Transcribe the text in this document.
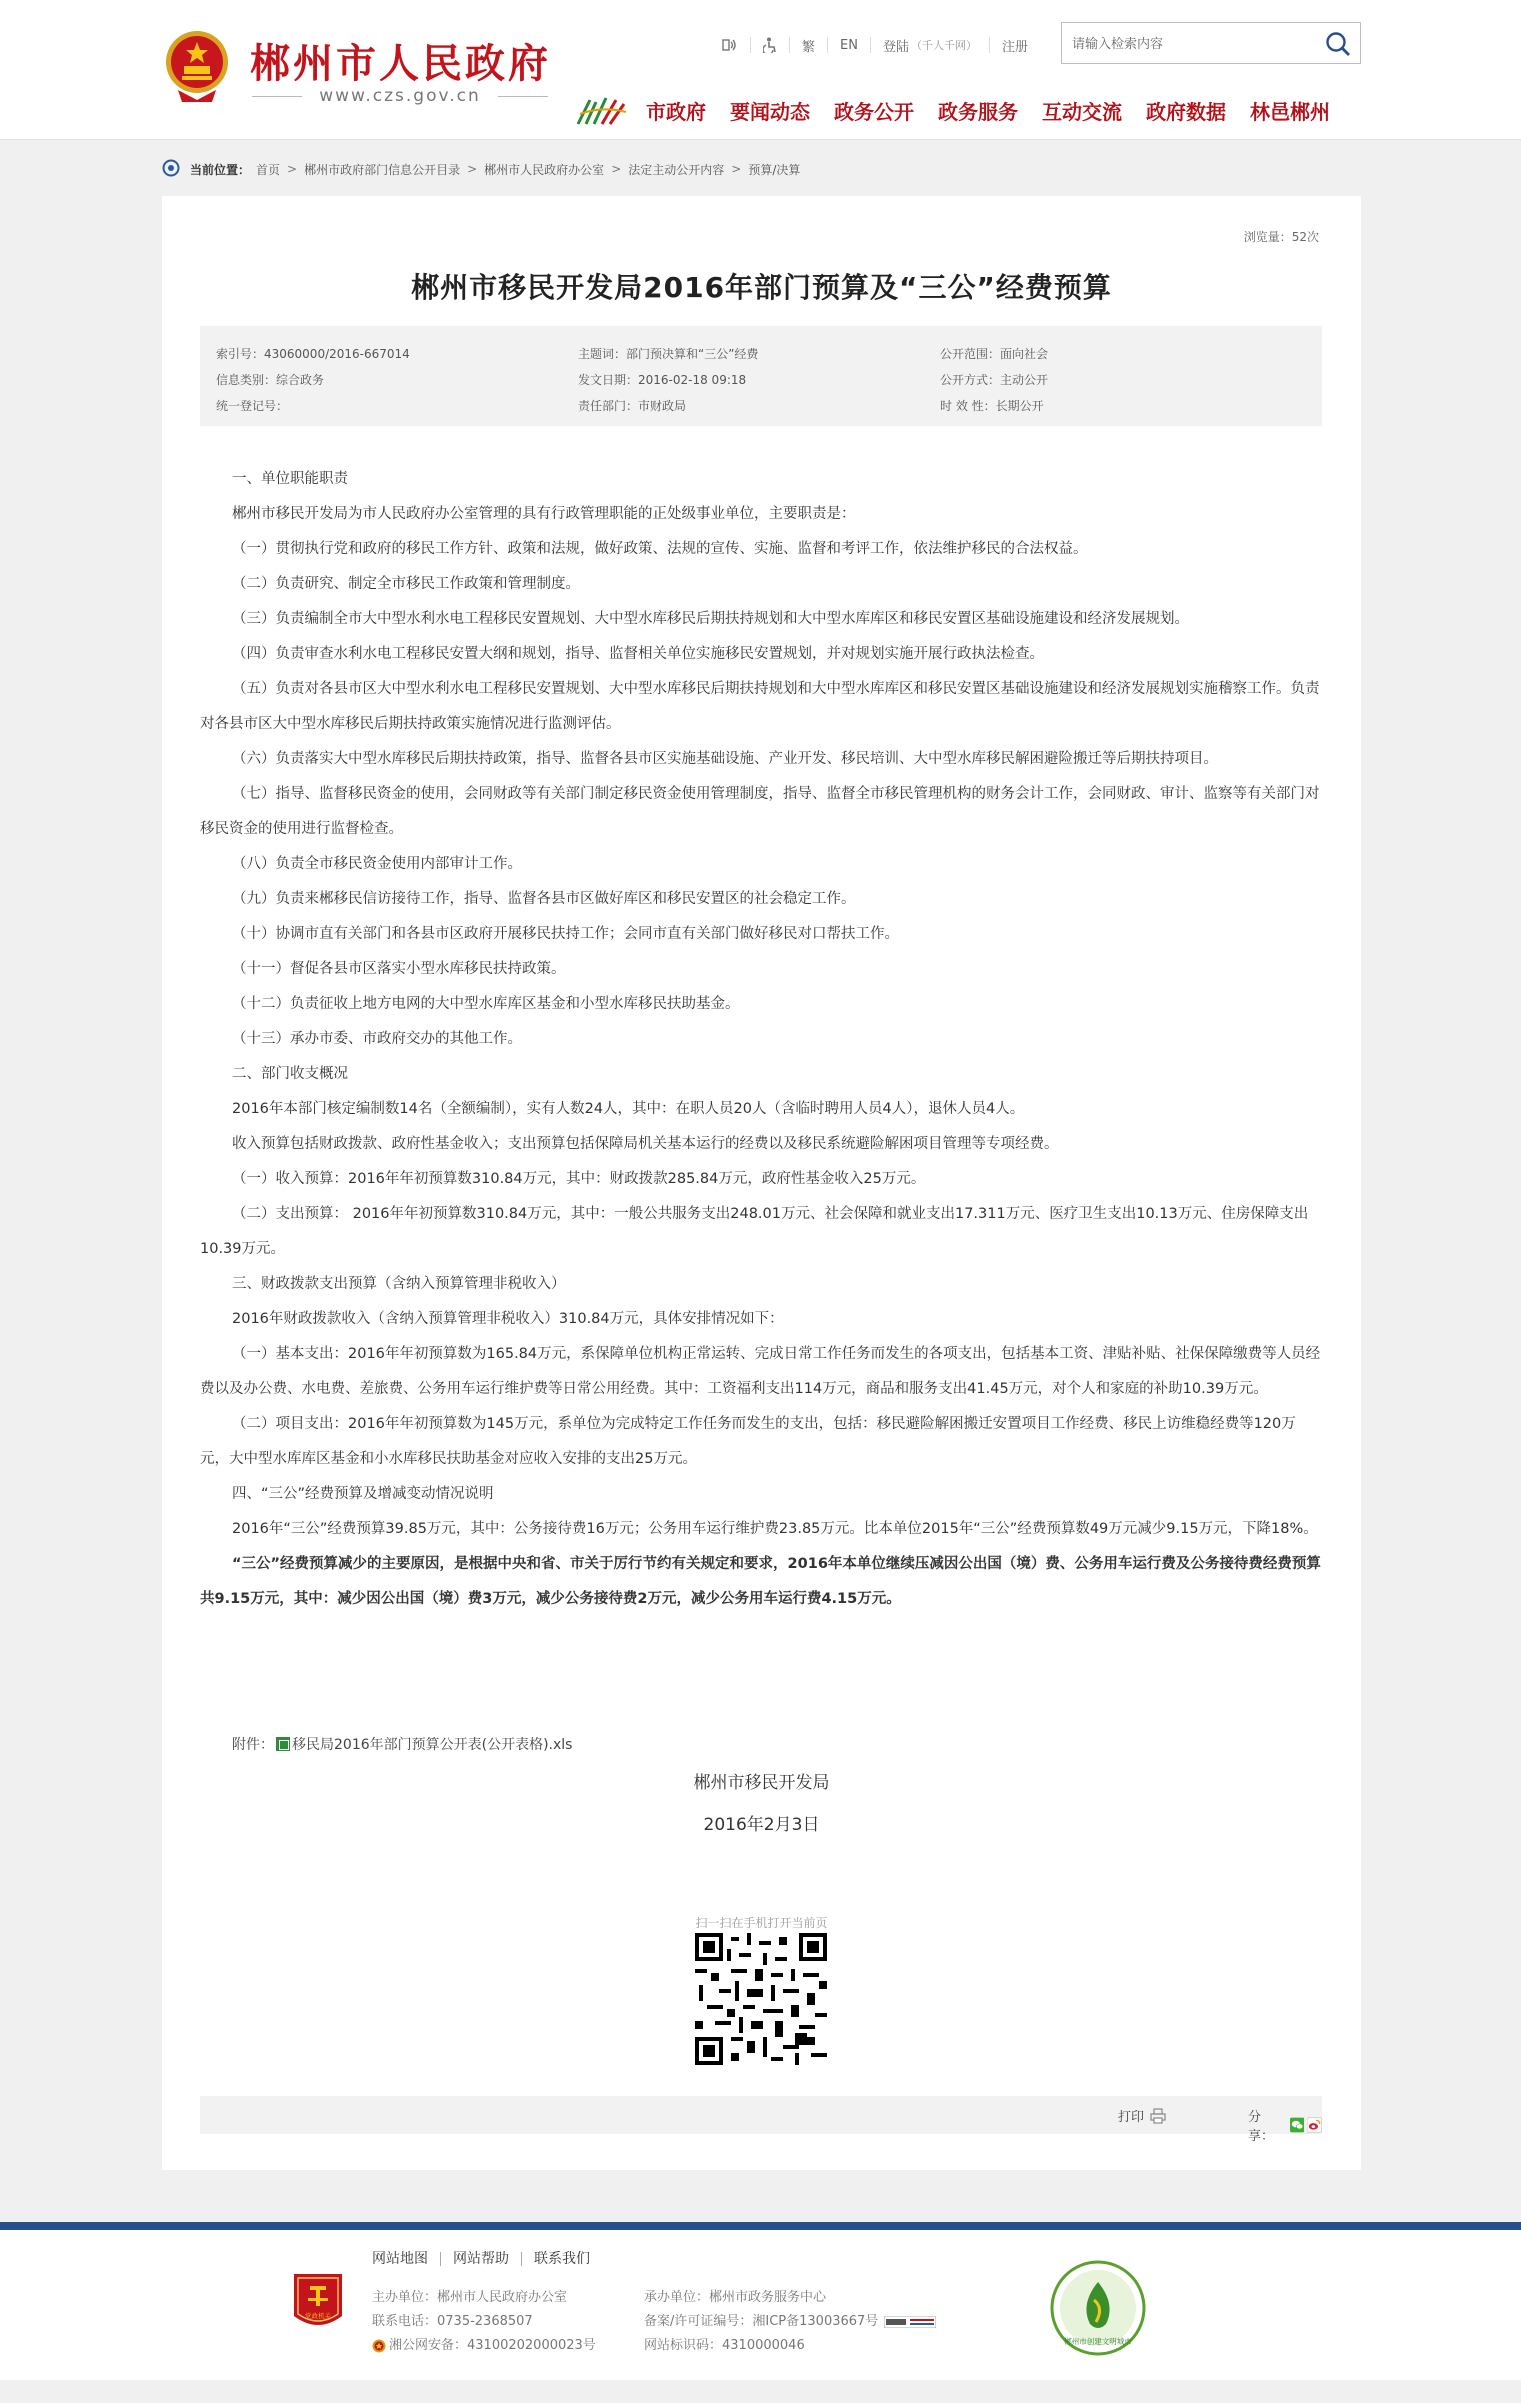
郴州市人民政府
www.czs.gov.cn
繁	EN	登陆 （千人千网）	注册
请输入检索内容
市政府 要闻动态 政务公开 政务服务 互动交流 政府数据 林邑郴州
当前位置： 首页 > 郴州市政府部门信息公开目录 > 郴州市人民政府办公室 > 法定主动公开内容 > 预算/决算
浏览量：52次
郴州市移民开发局2016年部门预算及“三公”经费预算
索引号：43060000/2016-667014	主题词：部门预决算和“三公”经费	公开范围：面向社会
信息类别：综合政务	发文日期：2016-02-18 09:18	公开方式：主动公开
统一登记号：	责任部门：市财政局	时 效 性：长期公开

一、单位职能职责

郴州市移民开发局为市人民政府办公室管理的具有行政管理职能的正处级事业单位，主要职责是：

（一）贯彻执行党和政府的移民工作方针、政策和法规，做好政策、法规的宣传、实施、监督和考评工作，依法维护移民的合法权益。

（二）负责研究、制定全市移民工作政策和管理制度。

（三）负责编制全市大中型水利水电工程移民安置规划、大中型水库移民后期扶持规划和大中型水库库区和移民安置区基础设施建设和经济发展规划。

（四）负责审查水利水电工程移民安置大纲和规划，指导、监督相关单位实施移民安置规划，并对规划实施开展行政执法检查。

（五）负责对各县市区大中型水利水电工程移民安置规划、大中型水库移民后期扶持规划和大中型水库库区和移民安置区基础设施建设和经济发展规划实施稽察工作。负责对各县市区大中型水库移民后期扶持政策实施情况进行监测评估。

（六）负责落实大中型水库移民后期扶持政策，指导、监督各县市区实施基础设施、产业开发、移民培训、大中型水库移民解困避险搬迁等后期扶持项目。

（七）指导、监督移民资金的使用，会同财政等有关部门制定移民资金使用管理制度，指导、监督全市移民管理机构的财务会计工作，会同财政、审计、监察等有关部门对移民资金的使用进行监督检查。

（八）负责全市移民资金使用内部审计工作。

（九）负责来郴移民信访接待工作，指导、监督各县市区做好库区和移民安置区的社会稳定工作。

（十）协调市直有关部门和各县市区政府开展移民扶持工作；会同市直有关部门做好移民对口帮扶工作。

（十一）督促各县市区落实小型水库移民扶持政策。

（十二）负责征收上地方电网的大中型水库库区基金和小型水库移民扶助基金。

（十三）承办市委、市政府交办的其他工作。

二、部门收支概况

2016年本部门核定编制数14名（全额编制），实有人数24人，其中：在职人员20人（含临时聘用人员4人），退休人员4人。

收入预算包括财政拨款、政府性基金收入；支出预算包括保障局机关基本运行的经费以及移民系统避险解困项目管理等专项经费。

（一）收入预算：2016年年初预算数310.84万元，其中：财政拨款285.84万元，政府性基金收入25万元。

（二）支出预算： 2016年年初预算数310.84万元，其中：一般公共服务支出248.01万元、社会保障和就业支出17.311万元、医疗卫生支出10.13万元、住房保障支出10.39万元。

三、财政拨款支出预算（含纳入预算管理非税收入）

2016年财政拨款收入（含纳入预算管理非税收入）310.84万元，具体安排情况如下：

（一）基本支出：2016年年初预算数为165.84万元，系保障单位机构正常运转、完成日常工作任务而发生的各项支出，包括基本工资、津贴补贴、社保保障缴费等人员经费以及办公费、水电费、差旅费、公务用车运行维护费等日常公用经费。其中：工资福利支出114万元，商品和服务支出41.45万元，对个人和家庭的补助10.39万元。

（二）项目支出：2016年年初预算数为145万元，系单位为完成特定工作任务而发生的支出，包括：移民避险解困搬迁安置项目工作经费、移民上访维稳经费等120万元，大中型水库库区基金和小水库移民扶助基金对应收入安排的支出25万元。

四、“三公”经费预算及增减变动情况说明

2016年“三公”经费预算39.85万元，其中：公务接待费16万元；公务用车运行维护费23.85万元。比本单位2015年“三公”经费预算数49万元减少9.15万元，下降18%。

“三公”经费预算减少的主要原因，是根据中央和省、市关于厉行节约有关规定和要求，2016年本单位继续压减因公出国（境）费、公务用车运行费及公务接待费经费预算共9.15万元，其中：减少因公出国（境）费3万元，减少公务接待费2万元，减少公务用车运行费4.15万元。

附件： 移民局2016年部门预算公开表(公开表格).xls
郴州市移民开发局
2016年2月3日
扫一扫在手机打开当前页
打印	分享：
党政机关
网站地图	网站帮助	联系我们
主办单位：郴州市人民政府办公室
联系电话：0735-2368507
湘公网安备：43100202000023号
承办单位：郴州市政务服务中心
备案/许可证编号：湘ICP备13003667号
网站标识码：4310000046	郴州市创建文明城市
